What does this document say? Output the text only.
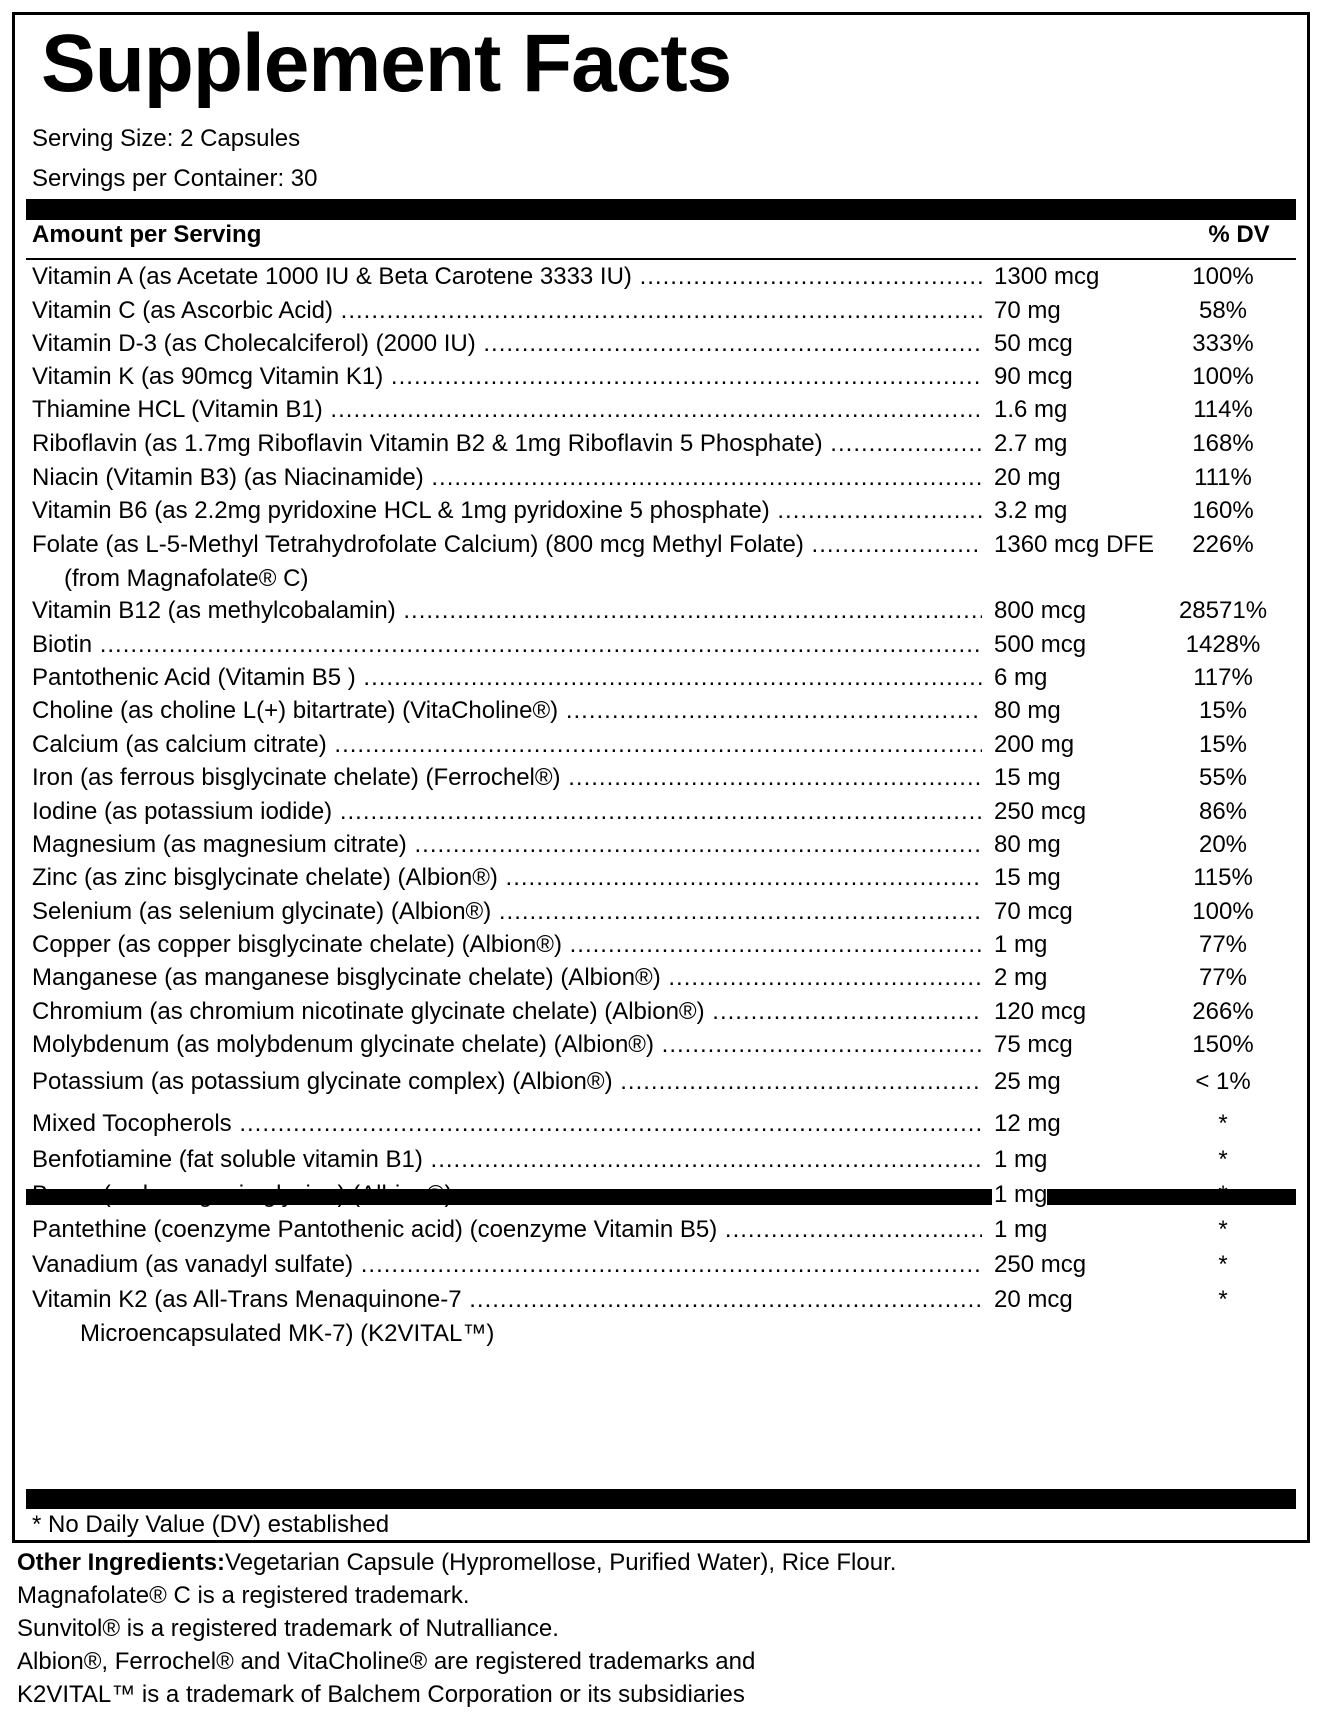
Supplement Facts
Serving Size: 2 Capsules
Servings per Container: 30
Amount per Serving	% DV
Vitamin A (as Acetate 1000 IU & Beta Carotene 3333 IU) .....	1300 mcg	100%
Vitamin C (as Ascorbic Acid) .....	70 mg	58%
Vitamin D-3 (as Cholecalciferol) (2000 IU) .....	50 mcg	333%
Vitamin K (as 90mcg Vitamin K1) .....	90 mcg	100%
Thiamine HCL (Vitamin B1) .....	1.6 mg	114%
Riboflavin (as 1.7mg Riboflavin Vitamin B2 & 1mg Riboflavin 5 Phosphate) .....	2.7 mg	168%
Niacin (Vitamin B3) (as Niacinamide) .....	20 mg	111%
Vitamin B6 (as 2.2mg pyridoxine HCL & 1mg pyridoxine 5 phosphate) .....	3.2 mg	160%
Folate (as L-5-Methyl Tetrahydrofolate Calcium) (800 mcg Methyl Folate) .....	1360 mcg DFE	226%
(from Magnafolate® C)
Vitamin B12 (as methylcobalamin) .....	800 mcg	28571%
Biotin .....	500 mcg	1428%
Pantothenic Acid (Vitamin B5 ) .....	6 mg	117%
Choline (as choline L(+) bitartrate) (VitaCholine®) .....	80 mg	15%
Calcium (as calcium citrate) .....	200 mg	15%
Iron (as ferrous bisglycinate chelate) (Ferrochel®) .....	15 mg	55%
Iodine (as potassium iodide) .....	250 mcg	86%
Magnesium (as magnesium citrate) .....	80 mg	20%
Zinc (as zinc bisglycinate chelate) (Albion®) .....	15 mg	115%
Selenium (as selenium glycinate) (Albion®) .....	70 mcg	100%
Copper (as copper bisglycinate chelate) (Albion®) .....	1 mg	77%
Manganese (as manganese bisglycinate chelate) (Albion®) .....	2 mg	77%
Chromium (as chromium nicotinate glycinate chelate) (Albion®) .....	120 mcg	266%
Molybdenum (as molybdenum glycinate chelate) (Albion®) .....	75 mcg	150%
Potassium (as potassium glycinate complex) (Albion®) .....	25 mg	< 1%
Mixed Tocopherols .....	12 mg	*
Benfotiamine (fat soluble vitamin B1) .....	1 mg	*
Boron (as bororganic glycine) (Albion®) .....	1 mg	*
Pantethine (coenzyme Pantothenic acid) (coenzyme Vitamin B5) .....	1 mg	*
Vanadium (as vanadyl sulfate) .....	250 mcg	*
Vitamin K2 (as All-Trans Menaquinone-7 .....	20 mcg	*
Microencapsulated MK-7) (K2VITAL™)
* No Daily Value (DV) established

Other Ingredients:Vegetarian Capsule (Hypromellose, Purified Water), Rice Flour.

Magnafolate® C is a registered trademark.

Sunvitol® is a registered trademark of Nutralliance.

Albion®, Ferrochel® and VitaCholine® are registered trademarks and

K2VITAL™ is a trademark of Balchem Corporation or its subsidiaries
